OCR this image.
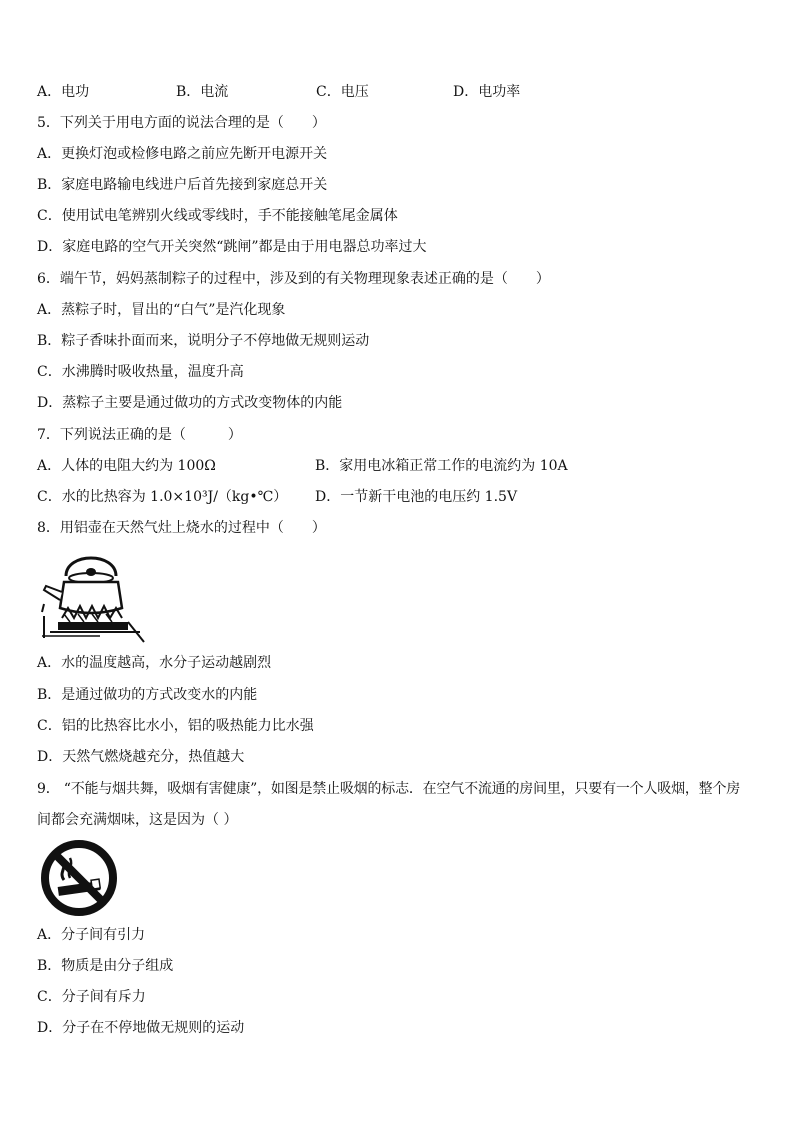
A．电功	B．电流	C．电压	D．电功率
5．下列关于用电方面的说法合理的是（　　）
A．更换灯泡或检修电路之前应先断开电源开关
B．家庭电路输电线进户后首先接到家庭总开关
C．使用试电笔辨别火线或零线时，手不能接触笔尾金属体
D．家庭电路的空气开关突然“跳闸”都是由于用电器总功率过大
6．端午节，妈妈蒸制粽子的过程中，涉及到的有关物理现象表述正确的是（　　）
A．蒸粽子时，冒出的“白气”是汽化现象
B．粽子香味扑面而来，说明分子不停地做无规则运动
C．水沸腾时吸收热量，温度升高
D．蒸粽子主要是通过做功的方式改变物体的内能
7．下列说法正确的是（　　　）
A．人体的电阻大约为 100Ω	B．家用电冰箱正常工作的电流约为 10A
C．水的比热容为 1.0×10³J/（kg•℃） D．一节新干电池的电压约 1.5V
8．用铝壶在天然气灶上烧水的过程中（　　）
A．水的温度越高，水分子运动越剧烈
B．是通过做功的方式改变水的内能
C．铝的比热容比水小，铝的吸热能力比水强
D．天然气燃烧越充分，热值越大
9． “不能与烟共舞，吸烟有害健康”，如图是禁止吸烟的标志．在空气不流通的房间里，只要有一个人吸烟，整个房
间都会充满烟味，这是因为（ ）
A．分子间有引力
B．物质是由分子组成
C．分子间有斥力
D．分子在不停地做无规则的运动
